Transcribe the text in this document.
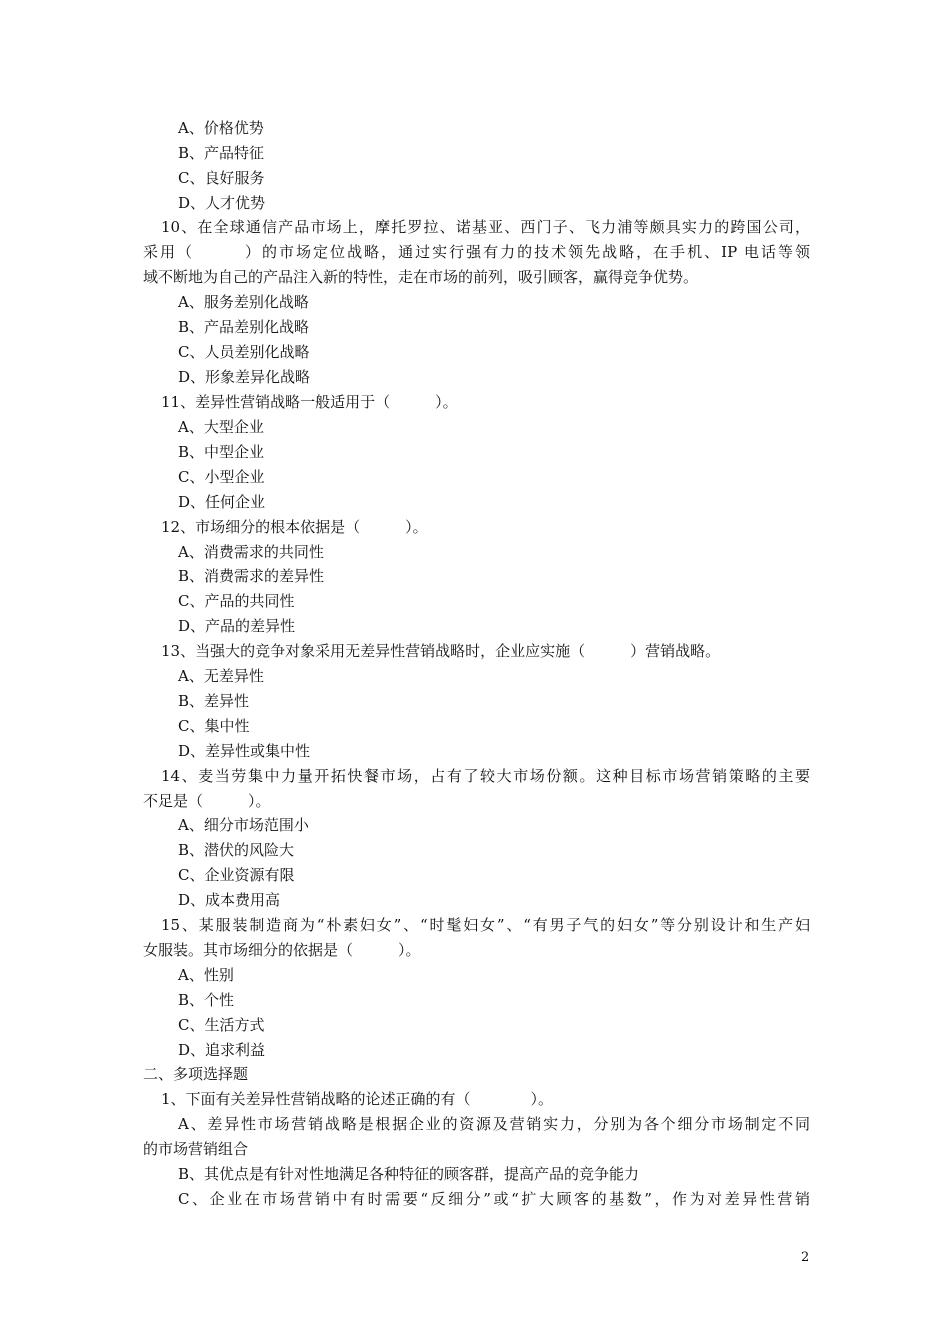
A、价格优势
B、产品特征
C、良好服务
D、人才优势
10、在全球通信产品市场上，摩托罗拉、诺基亚、西门子、飞力浦等颇具实力的跨国公司，
采用（　　　）的市场定位战略，通过实行强有力的技术领先战略，在手机、IP 电话等领
域不断地为自己的产品注入新的特性，走在市场的前列，吸引顾客，赢得竞争优势。
A、服务差别化战略
B、产品差别化战略
C、人员差别化战略
D、形象差异化战略
11、差异性营销战略一般适用于（　　　）。
A、大型企业
B、中型企业
C、小型企业
D、任何企业
12、市场细分的根本依据是（　　　）。
A、消费需求的共同性
B、消费需求的差异性
C、产品的共同性
D、产品的差异性
13、当强大的竞争对象采用无差异性营销战略时，企业应实施（　　　）营销战略。
A、无差异性
B、差异性
C、集中性
D、差异性或集中性
14、麦当劳集中力量开拓快餐市场，占有了较大市场份额。这种目标市场营销策略的主要
不足是（　　　）。
A、细分市场范围小
B、潜伏的风险大
C、企业资源有限
D、成本费用高
15、某服装制造商为“朴素妇女”、“时髦妇女”、“有男子气的妇女”等分别设计和生产妇
女服装。其市场细分的依据是（　　　）。
A、性别
B、个性
C、生活方式
D、追求利益
二、多项选择题
1、下面有关差异性营销战略的论述正确的有（　　　　）。
A、差异性市场营销战略是根据企业的资源及营销实力，分别为各个细分市场制定不同
的市场营销组合
B、其优点是有针对性地满足各种特征的顾客群，提高产品的竞争能力
C、企业在市场营销中有时需要“反细分”或“扩大顾客的基数”，作为对差异性营销
2
